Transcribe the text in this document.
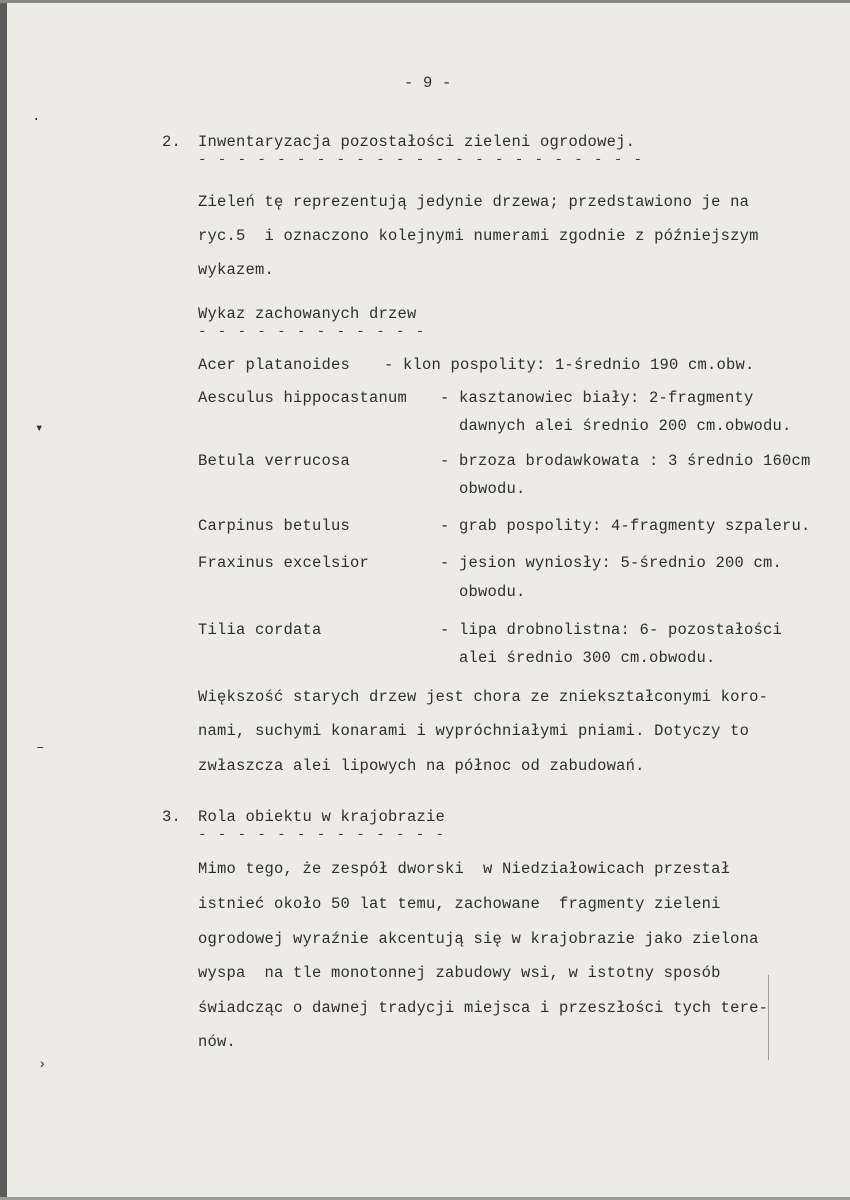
·
▾
‒
›
- 9 -
2. Inwentaryzacja pozostałości zieleni ogrodowej.
- - - - - - - - - - - - - - - - - - - - - - -
Zieleń tę reprezentują jedynie drzewa; przedstawiono je na
ryc.5  i oznaczono kolejnymi numerami zgodnie z późniejszym
wykazem.
Wykaz zachowanych drzew
- - - - - - - - - - - -
Acer platanoides - klon pospolity: 1-średnio 190 cm.obw.
Aesculus hippocastanum - kasztanowiec biały: 2-fragmenty
dawnych alei średnio 200 cm.obwodu.
Betula verrucosa	- brzoza brodawkowata : 3 średnio 160cm
obwodu.
Carpinus betulus	- grab pospolity: 4-fragmenty szpaleru.
Fraxinus excelsior	- jesion wyniosły: 5-średnio 200 cm.
obwodu.
Tilia cordata	- lipa drobnolistna: 6- pozostałości
alei średnio 300 cm.obwodu.
Większość starych drzew jest chora ze zniekształconymi koro-
nami, suchymi konarami i wypróchniałymi pniami. Dotyczy to
zwłaszcza alei lipowych na północ od zabudowań.
3. Rola obiektu w krajobrazie
- - - - - - - - - - - - -
Mimo tego, że zespół dworski  w Niedziałowicach przestał
istnieć około 50 lat temu, zachowane  fragmenty zieleni
ogrodowej wyraźnie akcentują się w krajobrazie jako zielona
wyspa  na tle monotonnej zabudowy wsi, w istotny sposób
świadcząc o dawnej tradycji miejsca i przeszłości tych tere-
nów.
